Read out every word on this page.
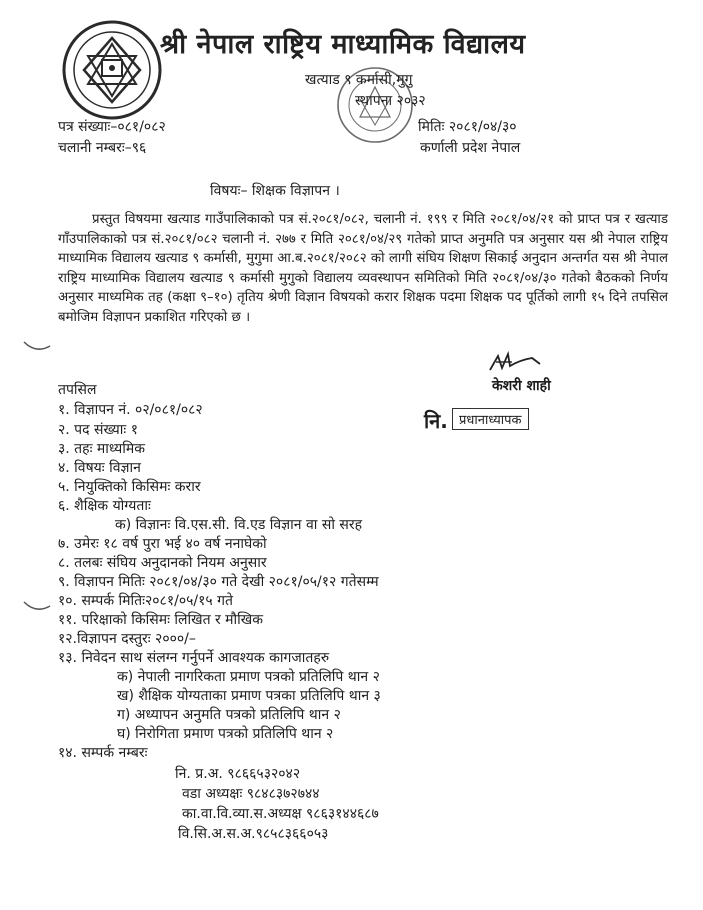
श्री नेपाल राष्ट्रिय माध्यामिक विद्यालय
खत्याड ९ कर्मासी,मुगु
स्थापना २०३२
पत्र संख्याः–०८१/०८२
चलानी नम्बरः–९६
मितिः २०८१/०४/३०
कर्णाली प्रदेश नेपाल
विषयः– शिक्षक विज्ञापन ।
प्रस्तुत विषयमा खत्याड गाउँपालिकाको पत्र सं.२०८१/०८२, चलानी नं. १९९ र मिति २०८१/०४/२१ को प्राप्त पत्र र खत्याड गाँउपालिकाको पत्र सं.२०८१/०८२ चलानी नं. २७७ र मिति २०८१/०४/२९ गतेको प्राप्त अनुमति पत्र अनुसार यस श्री नेपाल राष्ट्रिय माध्यामिक विद्यालय खत्याड ९ कर्मासी, मुगुमा आ.ब.२०८१/२०८२ को लागी संघिय शिक्षण सिकाई अनुदान अन्तर्गत यस श्री नेपाल राष्ट्रिय माध्यामिक विद्यालय खत्याड ९ कर्मासी मुगुको विद्यालय व्यवस्थापन समितिको मिति २०८१/०४/३० गतेको बैठकको निर्णय अनुसार माध्यमिक तह (कक्षा ९–१०) तृतिय श्रेणी विज्ञान विषयको करार शिक्षक पदमा शिक्षक पद पूर्तिको लागी १५ दिने तपसिल बमोजिम विज्ञापन प्रकाशित गरिएको छ ।
केशरी शाही
नि. प्रधानाध्यापक
तपसिल
१. विज्ञापन नं. ०२/०८१/०८२
२. पद संख्याः १
३. तहः माध्यमिक
४. विषयः विज्ञान
५. नियुक्तिको किसिमः करार
६. शैक्षिक योग्यताः
क) विज्ञानः वि.एस.सी. वि.एड विज्ञान वा सो सरह
७. उमेरः १८ वर्ष पुरा भई ४० वर्ष ननाघेको
८. तलबः संघिय अनुदानको नियम अनुसार
९. विज्ञापन मितिः २०८१/०४/३० गते देखी २०८१/०५/१२ गतेसम्म
१०. सम्पर्क मितिः२०८१/०५/१५ गते
११. परिक्षाको किसिमः लिखित र मौखिक
१२.विज्ञापन दस्तुरः २०००/–
१३. निवेदन साथ संलग्न गर्नुपर्ने आवश्यक कागजातहरु
क) नेपाली नागरिकता प्रमाण पत्रको प्रतिलिपि थान २
ख) शैक्षिक योग्यताका प्रमाण पत्रका प्रतिलिपि थान ३
ग) अध्यापन अनुमति पत्रको प्रतिलिपि थान २
घ) निरोगिता प्रमाण पत्रको प्रतिलिपि थान २
१४. सम्पर्क नम्बरः
नि. प्र.अ. ९८६६५३२०४२
वडा अध्यक्षः ९८४८३७२७४४
का.वा.वि.व्या.स.अध्यक्ष ९८६३१४४६८७
वि.सि.अ.स.अ.९८५८३६६०५३
